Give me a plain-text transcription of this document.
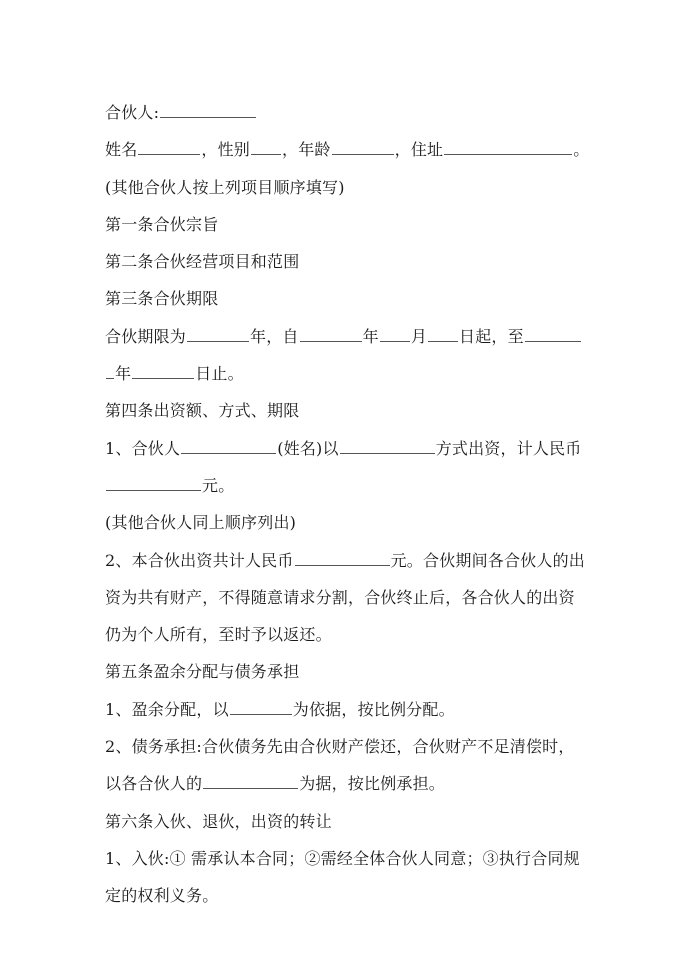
合伙人:
姓名	，性别 ，年龄	，住址	。
(其他合伙人按上列项目顺序填写)
第一条合伙宗旨
第二条合伙经营项目和范围
第三条合伙期限
合伙期限为	年，自	年 月 日起，至
年	日止。
第四条出资额、方式、期限
1、合伙人	(姓名)以	方式出资，计人民币
元。
(其他合伙人同上顺序列出)
2、本合伙出资共计人民币	元。合伙期间各合伙人的出
资为共有财产，不得随意请求分割，合伙终止后，各合伙人的出资
仍为个人所有，至时予以返还。
第五条盈余分配与债务承担
1、盈余分配，以	为依据，按比例分配。
2、债务承担:合伙债务先由合伙财产偿还，合伙财产不足清偿时，
以各合伙人的	为据，按比例承担。
第六条入伙、退伙，出资的转让
1、入伙:① 需承认本合同；②需经全体合伙人同意；③执行合同规
定的权利义务。
